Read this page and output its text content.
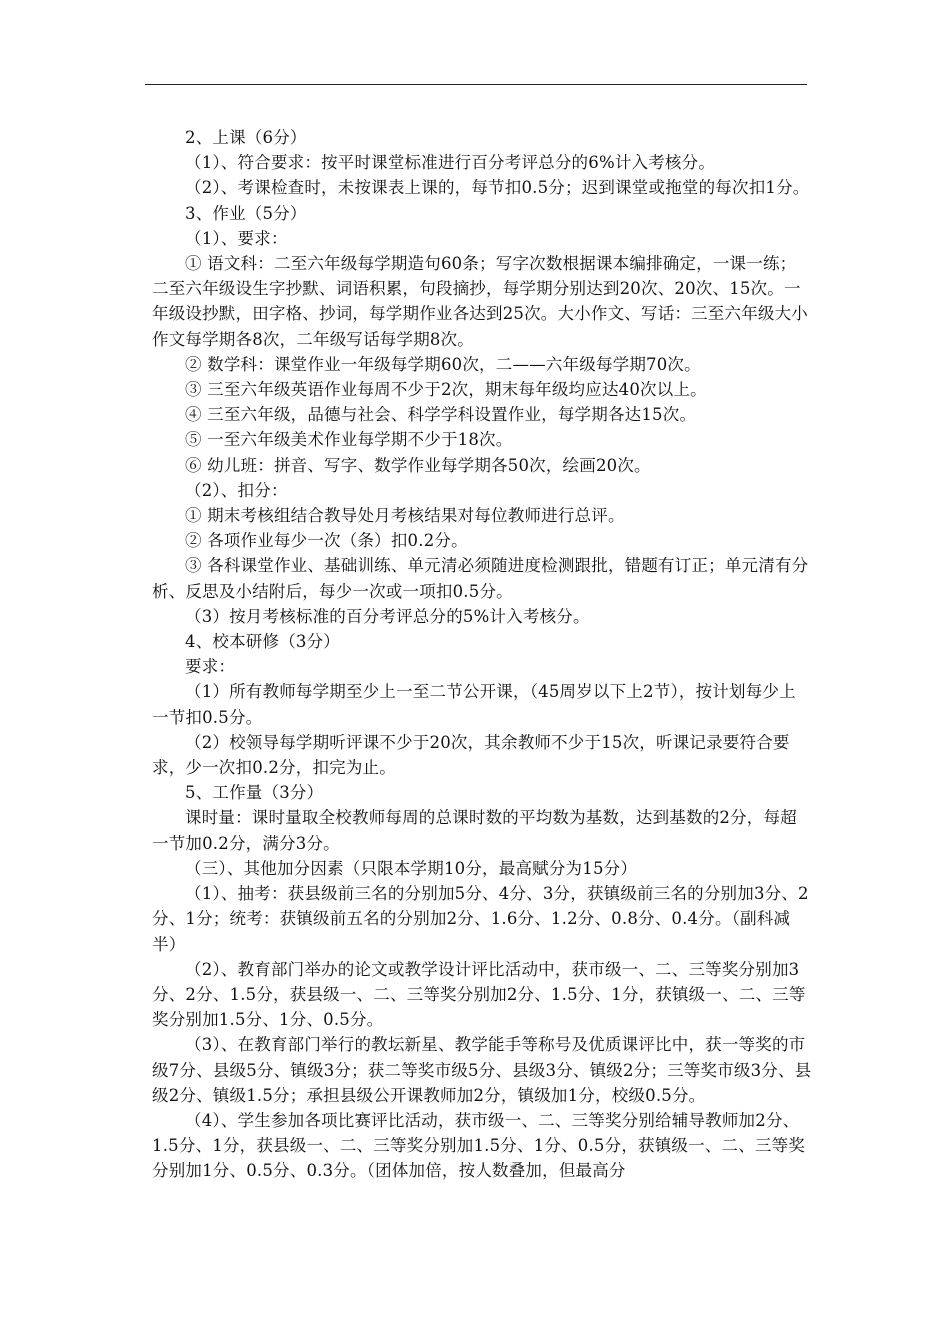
2、上课（6分）

（1）、符合要求：按平时课堂标准进行百分考评总分的6%计入考核分。

（2）、考课检查时，未按课表上课的，每节扣0.5分；迟到课堂或拖堂的每次扣1分。

3、作业（5分）

（1）、要求：

① 语文科：二至六年级每学期造句60条；写字次数根据课本编排确定，一课一练；二至六年级设生字抄默、词语积累，句段摘抄，每学期分别达到20次、20次、15次。一年级设抄默，田字格、抄词，每学期作业各达到25次。大小作文、写话：三至六年级大小作文每学期各8次，二年级写话每学期8次。

② 数学科：课堂作业一年级每学期60次，二——六年级每学期70次。

③ 三至六年级英语作业每周不少于2次，期末每年级均应达40次以上。

④ 三至六年级，品德与社会、科学学科设置作业，每学期各达15次。

⑤ 一至六年级美术作业每学期不少于18次。

⑥ 幼儿班：拼音、写字、数学作业每学期各50次，绘画20次。

（2）、扣分：

① 期末考核组结合教导处月考核结果对每位教师进行总评。

② 各项作业每少一次（条）扣0.2分。

③ 各科课堂作业、基础训练、单元清必须随进度检测跟批，错题有订正；单元清有分析、反思及小结附后，每少一次或一项扣0.5分。

（3）按月考核标准的百分考评总分的5%计入考核分。

4、校本研修（3分）

要求：

（1）所有教师每学期至少上一至二节公开课，（45周岁以下上2节），按计划每少上一节扣0.5分。

（2）校领导每学期听评课不少于20次，其余教师不少于15次，听课记录要符合要求，少一次扣0.2分，扣完为止。

5、工作量（3分）

课时量：课时量取全校教师每周的总课时数的平均数为基数，达到基数的2分，每超一节加0.2分，满分3分。

（三）、其他加分因素（只限本学期10分，最高赋分为15分）

（1）、抽考：获县级前三名的分别加5分、4分、3分，获镇级前三名的分别加3分、2分、1分；统考：获镇级前五名的分别加2分、1.6分、1.2分、0.8分、0.4分。（副科减半）

（2）、教育部门举办的论文或教学设计评比活动中，获市级一、二、三等奖分别加3分、2分、1.5分，获县级一、二、三等奖分别加2分、1.5分、1分，获镇级一、二、三等奖分别加1.5分、1分、0.5分。

（3）、在教育部门举行的教坛新星、教学能手等称号及优质课评比中，获一等奖的市级7分、县级5分、镇级3分；获二等奖市级5分、县级3分、镇级2分；三等奖市级3分、县级2分、镇级1.5分；承担县级公开课教师加2分，镇级加1分，校级0.5分。

（4）、学生参加各项比赛评比活动，获市级一、二、三等奖分别给辅导教师加2分、1.5分、1分，获县级一、二、三等奖分别加1.5分、1分、0.5分，获镇级一、二、三等奖分别加1分、0.5分、0.3分。（团体加倍，按人数叠加，但最高分
